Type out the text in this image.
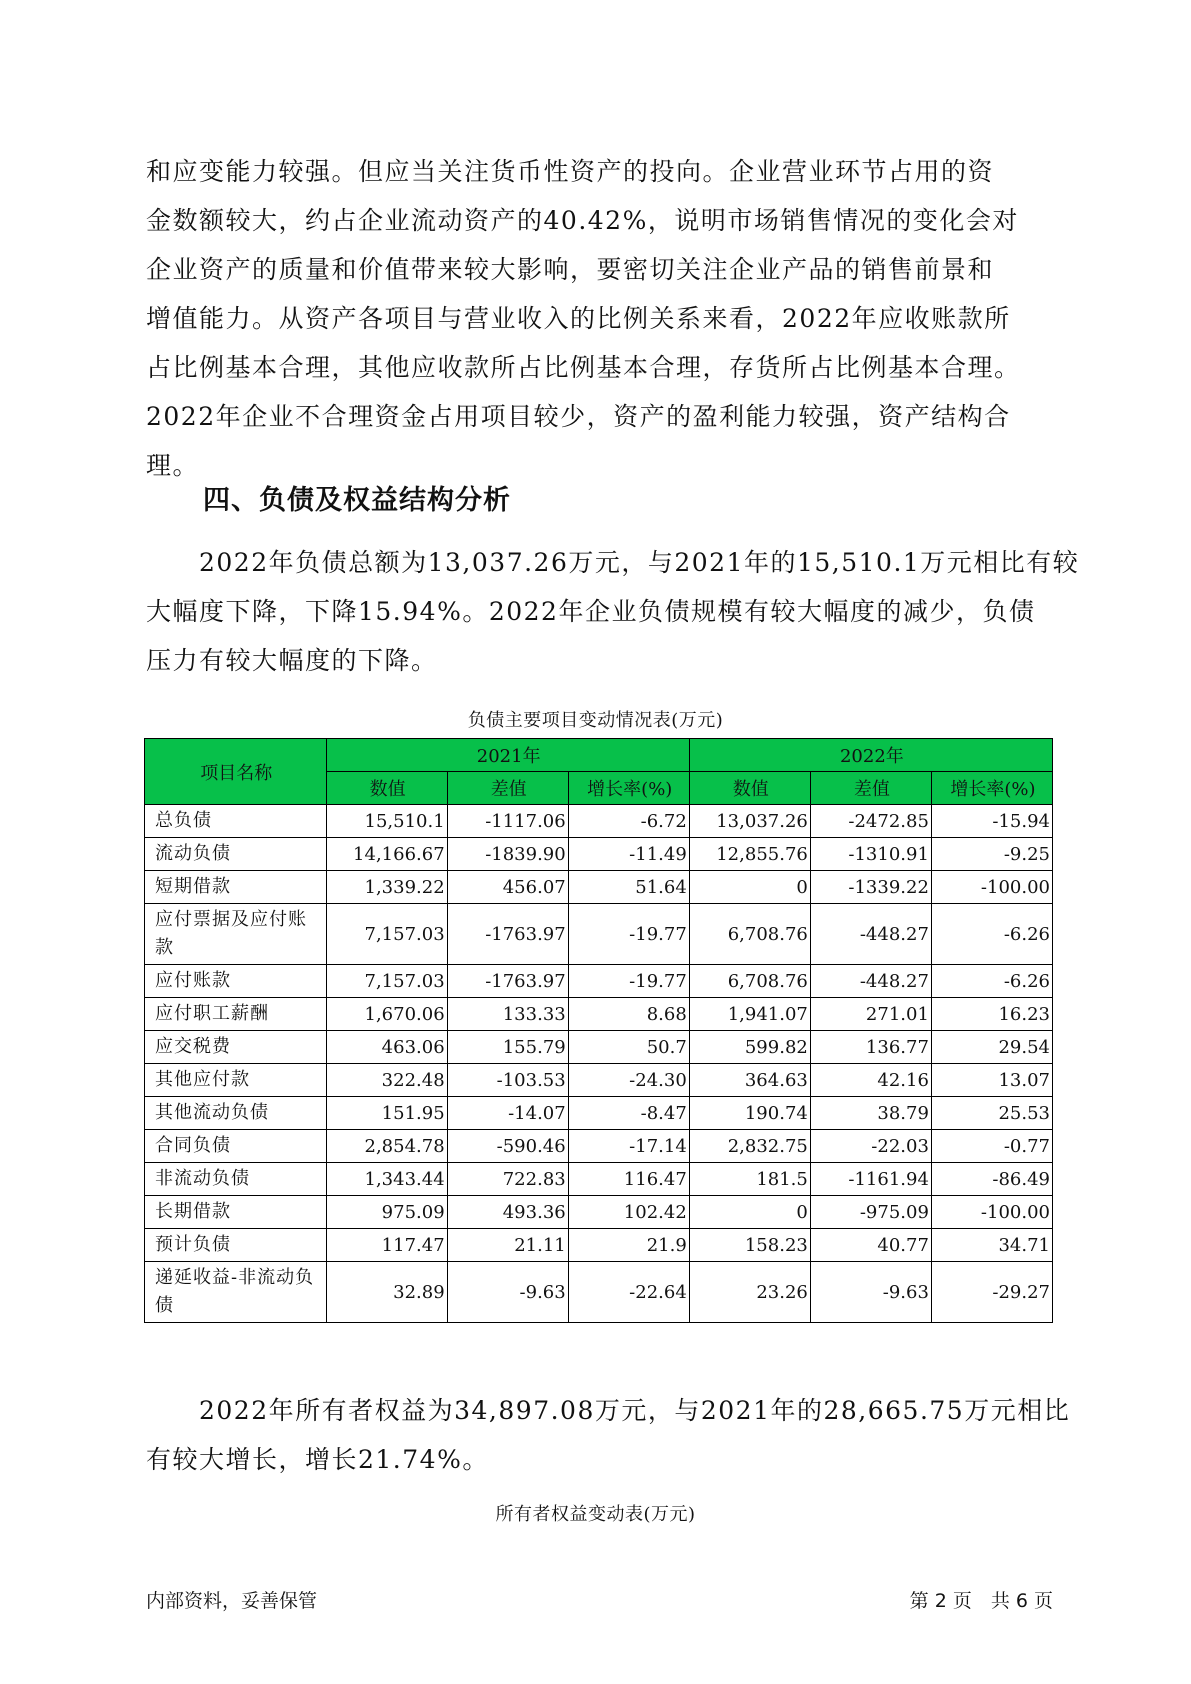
和应变能力较强。但应当关注货币性资产的投向。企业营业环节占用的资
金数额较大，约占企业流动资产的40.42%，说明市场销售情况的变化会对
企业资产的质量和价值带来较大影响，要密切关注企业产品的销售前景和
增值能力。从资产各项目与营业收入的比例关系来看，2022年应收账款所
占比例基本合理，其他应收款所占比例基本合理，存货所占比例基本合理。
2022年企业不合理资金占用项目较少，资产的盈利能力较强，资产结构合
理。
四、负债及权益结构分析
　　2022年负债总额为13,037.26万元，与2021年的15,510.1万元相比有较
大幅度下降，下降15.94%。2022年企业负债规模有较大幅度的减少，负债
压力有较大幅度的下降。
负债主要项目变动情况表(万元)
项目名称	2021年			2022年		
	数值	差值	增长率(%)	数值	差值	增长率(%)
总负债	15,510.1	-1117.06	-6.72	13,037.26	-2472.85	-15.94
流动负债	14,166.67	-1839.90	-11.49	12,855.76	-1310.91	-9.25
短期借款	1,339.22	456.07	51.64	0	-1339.22	-100.00
应付票据及应付账款	7,157.03	-1763.97	-19.77	6,708.76	-448.27	-6.26
应付账款	7,157.03	-1763.97	-19.77	6,708.76	-448.27	-6.26
应付职工薪酬	1,670.06	133.33	8.68	1,941.07	271.01	16.23
应交税费	463.06	155.79	50.7	599.82	136.77	29.54
其他应付款	322.48	-103.53	-24.30	364.63	42.16	13.07
其他流动负债	151.95	-14.07	-8.47	190.74	38.79	25.53
合同负债	2,854.78	-590.46	-17.14	2,832.75	-22.03	-0.77
非流动负债	1,343.44	722.83	116.47	181.5	-1161.94	-86.49
长期借款	975.09	493.36	102.42	0	-975.09	-100.00
预计负债	117.47	21.11	21.9	158.23	40.77	34.71
递延收益-非流动负债	32.89	-9.63	-22.64	23.26	-9.63	-29.27
　　2022年所有者权益为34,897.08万元，与2021年的28,665.75万元相比
有较大增长，增长21.74%。
所有者权益变动表(万元)
内部资料，妥善保管	第 2 页　共 6 页
